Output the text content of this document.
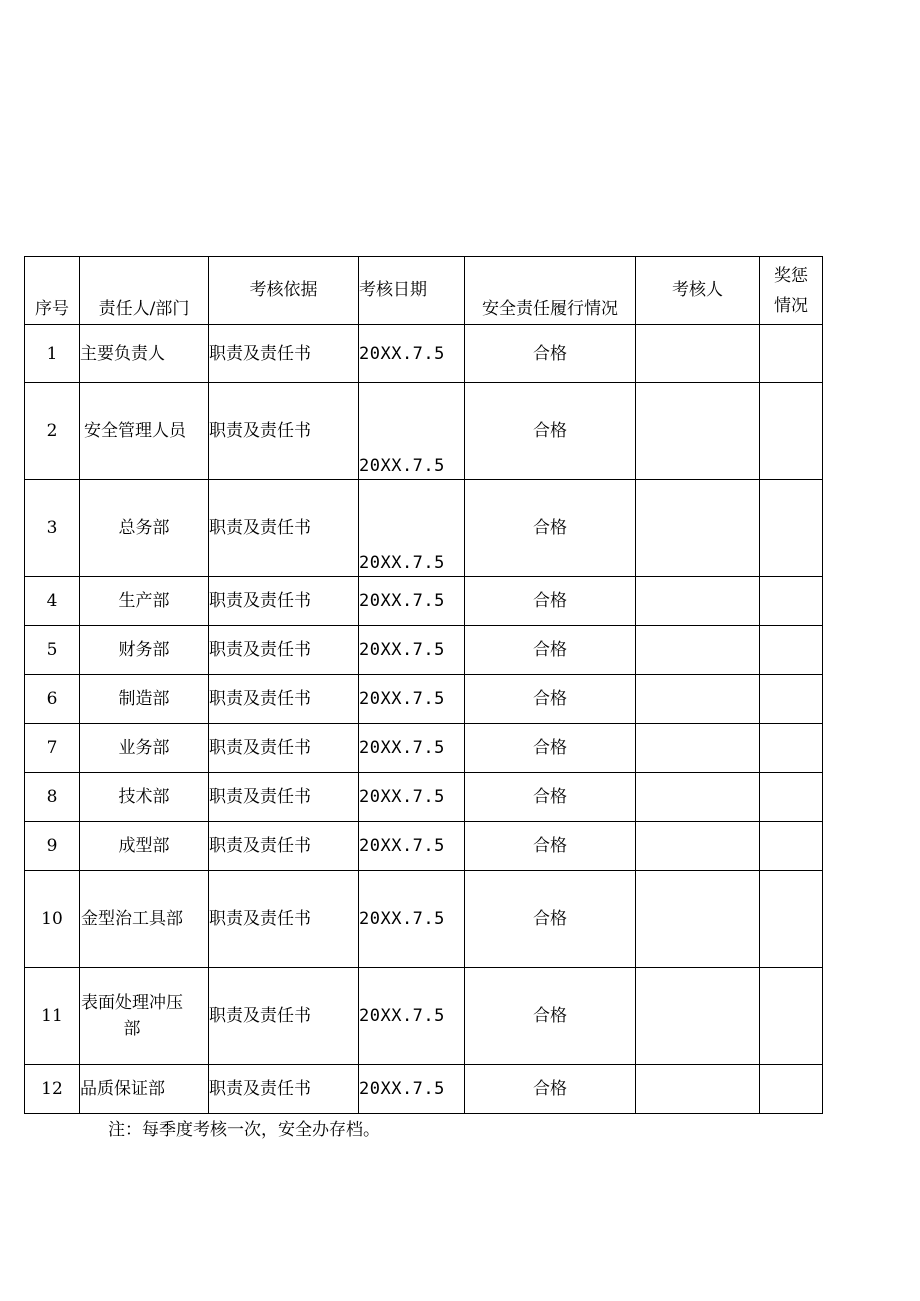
序号	责任人/部门	考核依据	考核日期	安全责任履行情况	考核人	奖惩情况

1	主要负责人	职责及责任书	20XX.7.5	合格		
2	安全管理人员	职责及责任书	20XX.7.5	合格		
3	总务部	职责及责任书	20XX.7.5	合格		
4	生产部	职责及责任书	20XX.7.5	合格		
5	财务部	职责及责任书	20XX.7.5	合格		
6	制造部	职责及责任书	20XX.7.5	合格		
7	业务部	职责及责任书	20XX.7.5	合格		
8	技术部	职责及责任书	20XX.7.5	合格		
9	成型部	职责及责任书	20XX.7.5	合格		
10	金型治工具部	职责及责任书	20XX.7.5	合格		
11	表面处理冲压部	职责及责任书	20XX.7.5	合格		
12	品质保证部	职责及责任书	20XX.7.5	合格		
注：每季度考核一次，安全办存档。
